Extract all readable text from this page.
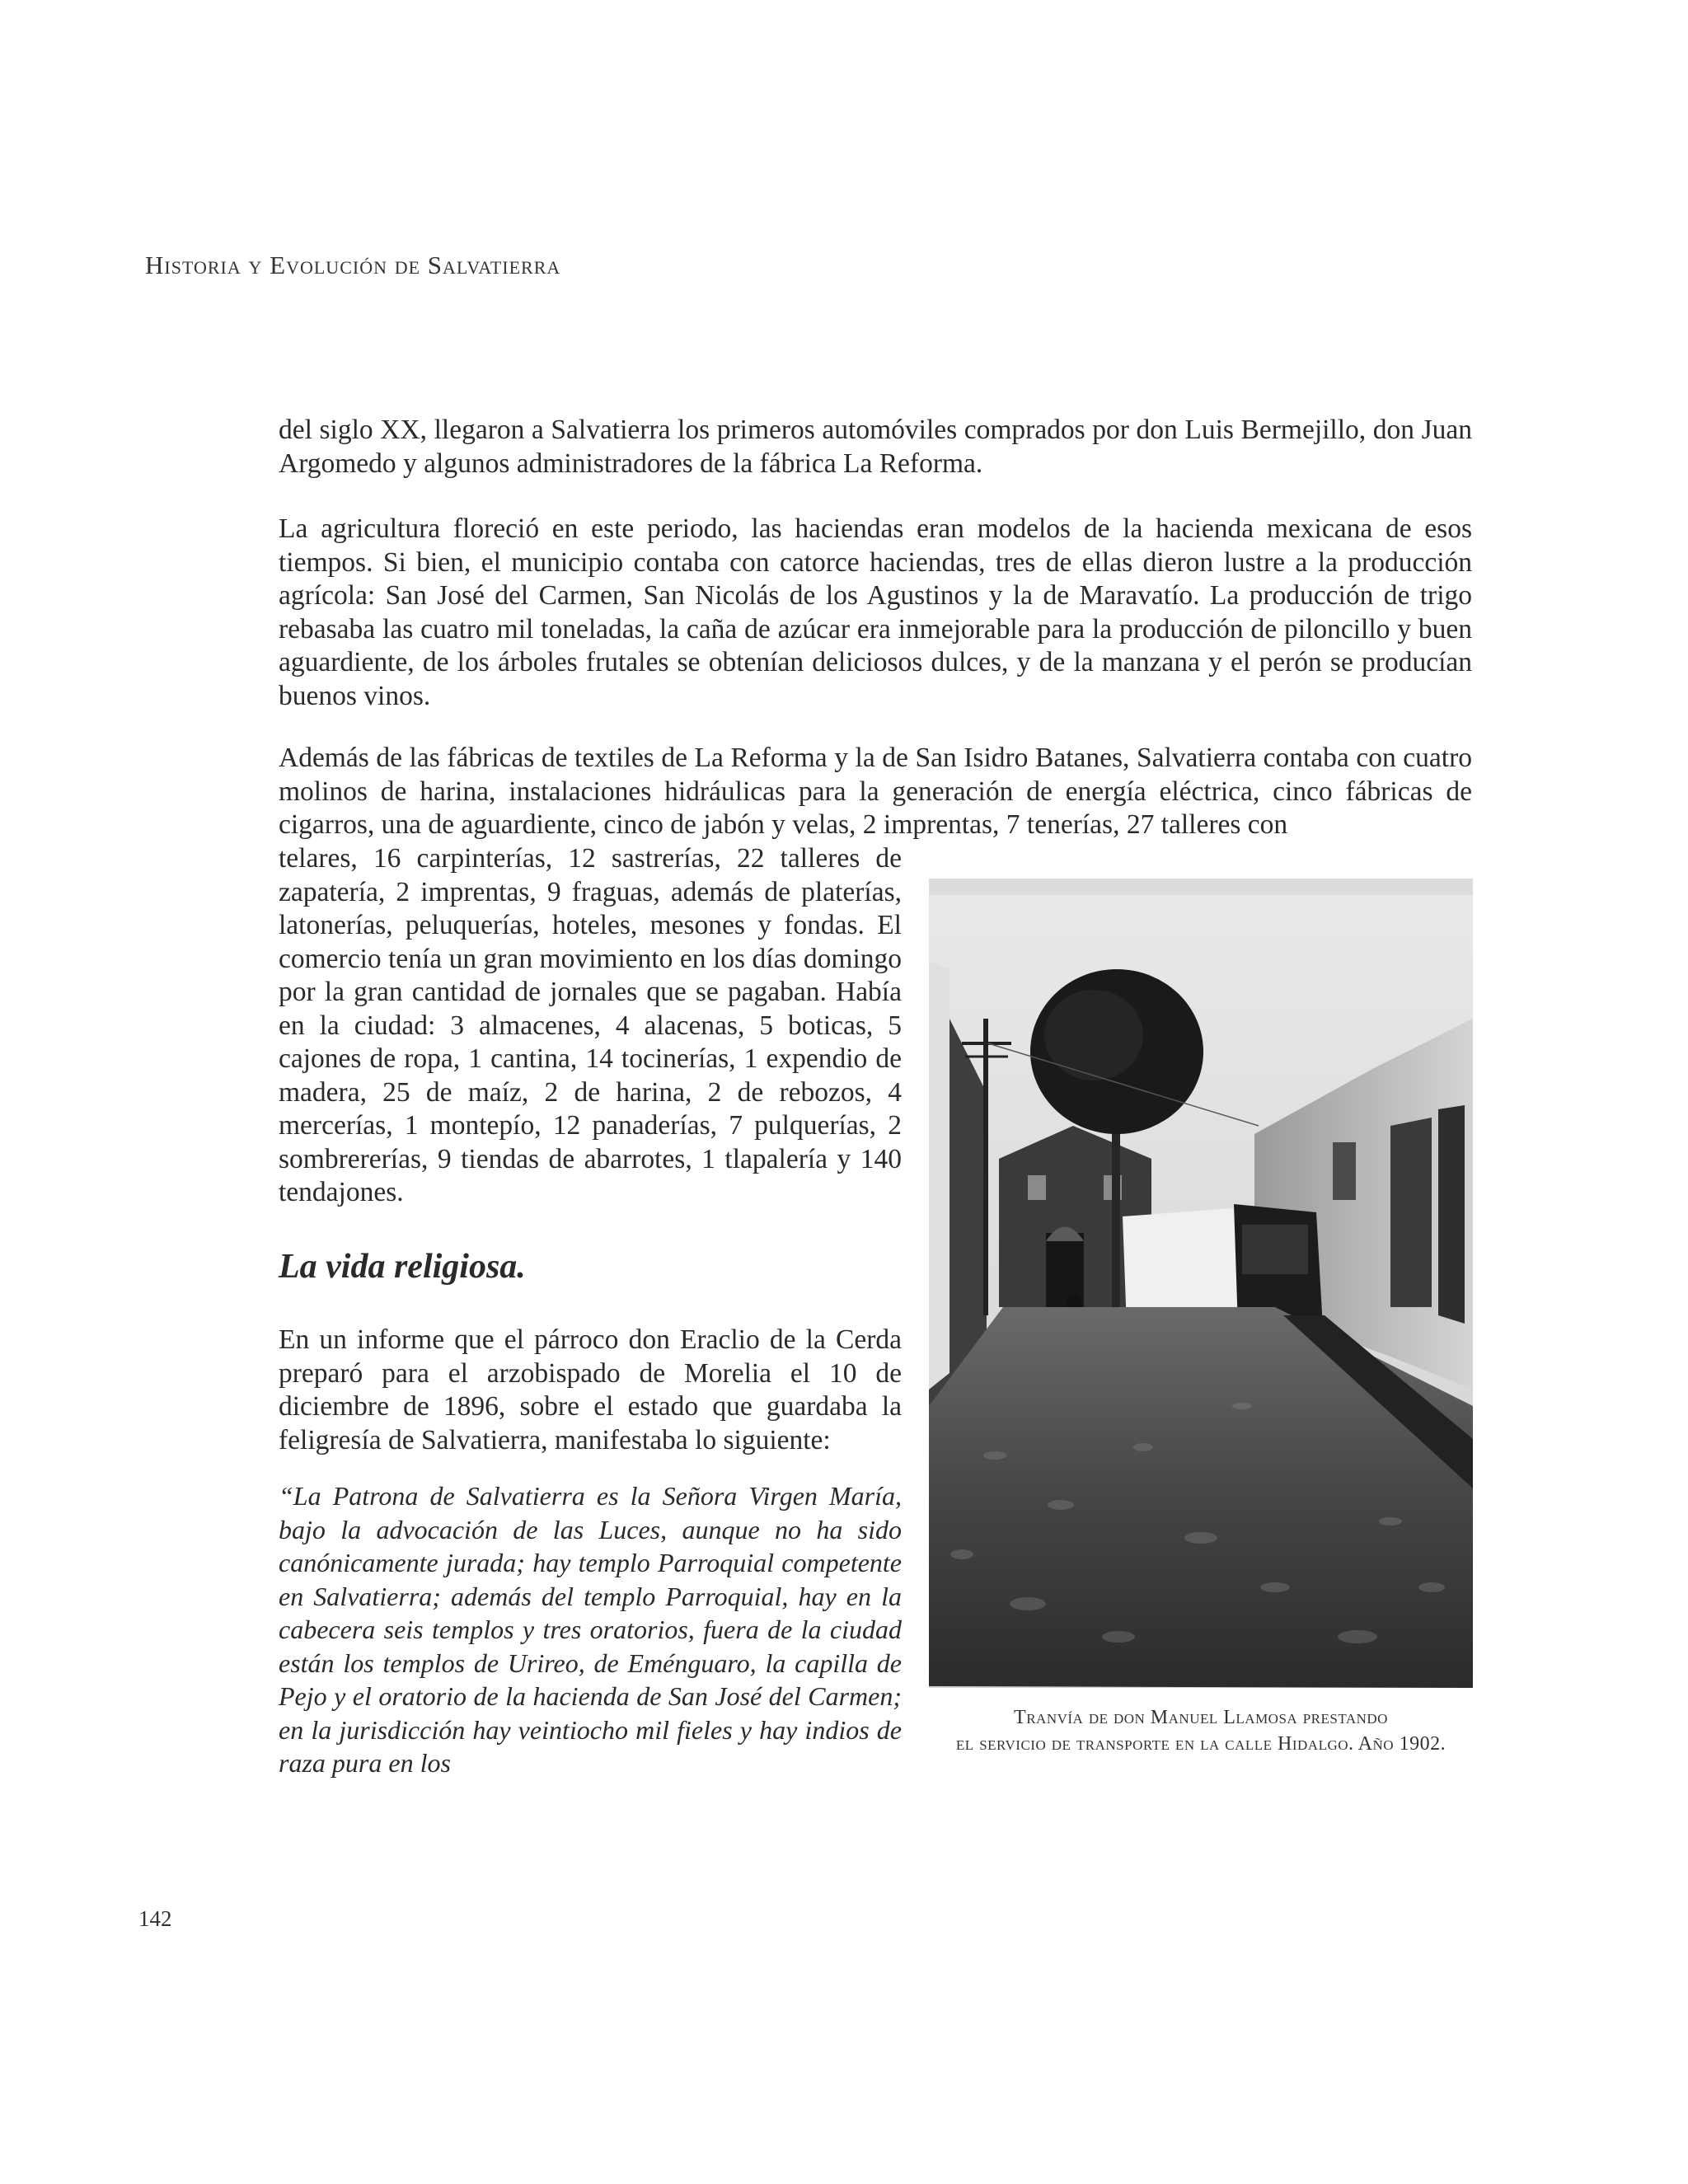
Historia y Evolución de Salvatierra

del siglo XX, llegaron a Salvatierra los primeros automóviles comprados por don Luis Bermejillo, don Juan Argomedo y algunos administradores de la fábrica La Reforma.

La agricultura floreció en este periodo, las haciendas eran modelos de la hacienda mexicana de esos tiempos. Si bien, el municipio contaba con catorce haciendas, tres de ellas dieron lustre a la producción agrícola: San José del Carmen, San Nicolás de los Agustinos y la de Maravatío. La producción de trigo rebasaba las cuatro mil toneladas, la caña de azúcar era inmejorable para la producción de piloncillo y buen aguardiente, de los árboles frutales se obtenían deliciosos dulces, y de la manzana y el perón se producían buenos vinos.

Además de las fábricas de textiles de La Reforma y la de San Isidro Batanes, Salvatierra contaba con cuatro molinos de harina, instalaciones hidráulicas para la generación de energía eléctrica, cinco fábricas de cigarros, una de aguardiente, cinco de jabón y velas, 2 imprentas, 7 tenerías, 27 talleres con

telares, 16 carpinterías, 12 sastrerías, 22 talleres de zapatería, 2 imprentas, 9 fraguas, además de platerías, latonerías, peluquerías, hoteles, mesones y fondas. El comercio tenía un gran movimiento en los días domingo por la gran cantidad de jornales que se pagaban. Había en la ciudad: 3 almacenes, 4 alacenas, 5 boticas, 5 cajones de ropa, 1 cantina, 14 tocinerías, 1 expendio de madera, 25 de maíz, 2 de harina, 2 de rebozos, 4 mercerías, 1 montepío, 12 panaderías, 7 pulquerías, 2 sombrererías, 9 tiendas de abarrotes, 1 tlapalería y 140 tendajones.

La vida religiosa.

En un informe que el párroco don Eraclio de la Cerda preparó para el arzobispado de Morelia el 10 de diciembre de 1896, sobre el estado que guardaba la feligresía de Salvatierra, manifestaba lo siguiente:

“La Patrona de Salvatierra es la Señora Virgen María, bajo la advocación de las Luces, aunque no ha sido canónicamente jurada; hay templo Parroquial competente en Salvatierra; además del templo Parroquial, hay en la cabecera seis templos y tres oratorios, fuera de la ciudad están los templos de Urireo, de Eménguaro, la capilla de Pejo y el oratorio de la hacienda de San José del Carmen; en la jurisdicción hay veintiocho mil fieles y hay indios de raza pura en los

Tranvía de don Manuel Llamosa prestando
el servicio de transporte en la calle Hidalgo. Año 1902.
142
